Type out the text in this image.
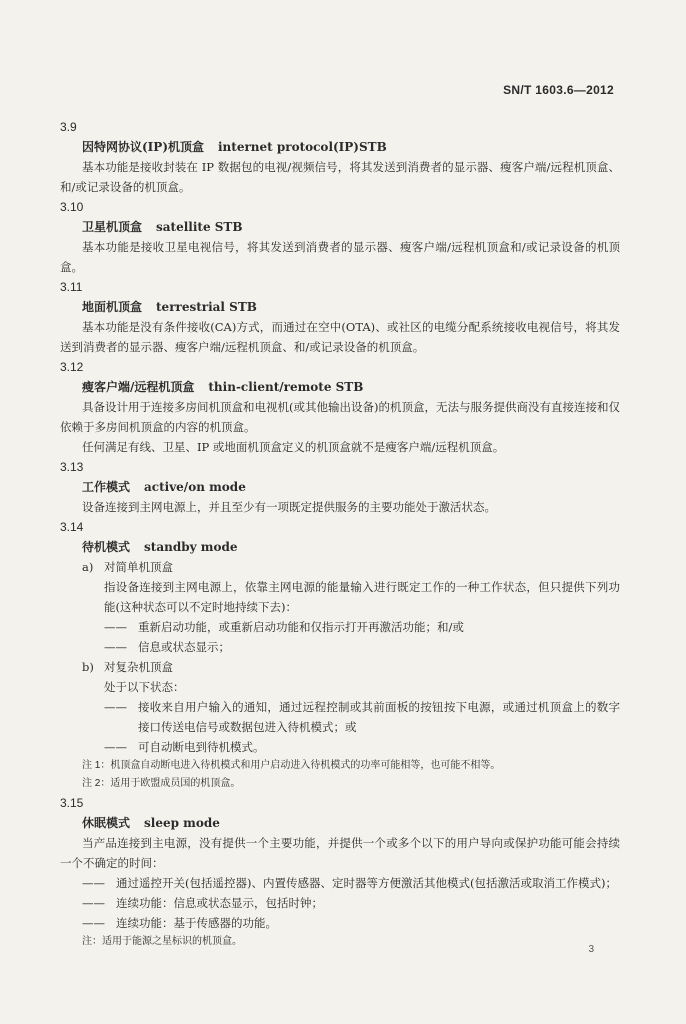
SN/T 1603.6—2012
3.9
因特网协议(IP)机顶盒 internet protocol(IP)STB
基本功能是接收封装在 IP 数据包的电视/视频信号，将其发送到消费者的显示器、瘦客户端/远程机顶盒、和/或记录设备的机顶盒。
3.10
卫星机顶盒 satellite STB
基本功能是接收卫星电视信号，将其发送到消费者的显示器、瘦客户端/远程机顶盒和/或记录设备的机顶盒。
3.11
地面机顶盒 terrestrial STB
基本功能是没有条件接收(CA)方式，而通过在空中(OTA)、或社区的电缆分配系统接收电视信号，将其发送到消费者的显示器、瘦客户端/远程机顶盒、和/或记录设备的机顶盒。
3.12
瘦客户端/远程机顶盒 thin-client/remote STB
具备设计用于连接多房间机顶盒和电视机(或其他输出设备)的机顶盒，无法与服务提供商没有直接连接和仅依赖于多房间机顶盒的内容的机顶盒。
任何满足有线、卫星、IP 或地面机顶盒定义的机顶盒就不是瘦客户端/远程机顶盒。
3.13
工作模式 active/on mode
设备连接到主网电源上，并且至少有一项既定提供服务的主要功能处于激活状态。
3.14
待机模式 standby mode
a) 对简单机顶盒
指设备连接到主网电源上，依靠主网电源的能量输入进行既定工作的一种工作状态，但只提供下列功能(这种状态可以不定时地持续下去)：
—— 重新启动功能，或重新启动功能和仅指示打开再激活功能；和/或
—— 信息或状态显示；
b) 对复杂机顶盒
处于以下状态：
—— 接收来自用户输入的通知，通过远程控制或其前面板的按钮按下电源，或通过机顶盒上的数字接口传送电信号或数据包进入待机模式；或
—— 可自动断电到待机模式。
注 1：机顶盒自动断电进入待机模式和用户启动进入待机模式的功率可能相等，也可能不相等。
注 2：适用于欧盟成员国的机顶盒。
3.15
休眠模式 sleep mode
当产品连接到主电源，没有提供一个主要功能，并提供一个或多个以下的用户导向或保护功能可能会持续一个不确定的时间：
—— 通过遥控开关(包括遥控器)、内置传感器、定时器等方便激活其他模式(包括激活或取消工作模式)；
—— 连续功能：信息或状态显示，包括时钟；
—— 连续功能：基于传感器的功能。
注：适用于能源之星标识的机顶盒。
3
